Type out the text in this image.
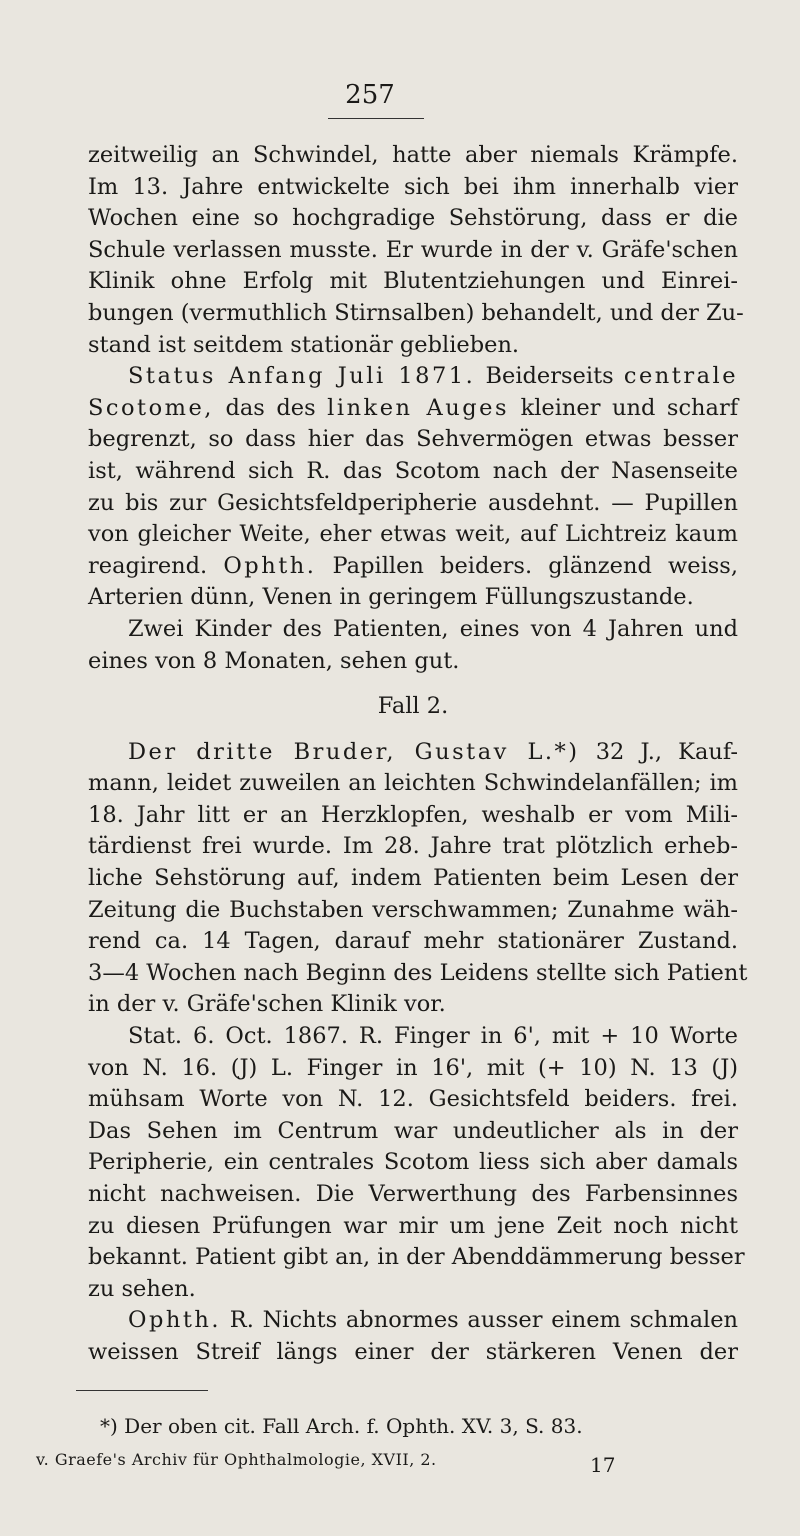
257
zeitweilig an Schwindel, hatte aber niemals Krämpfe.
Im 13. Jahre entwickelte sich bei ihm innerhalb vier
Wochen eine so hochgradige Sehstörung, dass er die
Schule verlassen musste. Er wurde in der v. Gräfe'schen
Klinik ohne Erfolg mit Blutentziehungen und Einrei-
bungen (vermuthlich Stirnsalben) behandelt, und der Zu-
stand ist seitdem stationär geblieben.
Status Anfang Juli 1871. Beiderseits centrale
Scotome, das des linken Auges kleiner und scharf
begrenzt, so dass hier das Sehvermögen etwas besser
ist, während sich R. das Scotom nach der Nasenseite
zu bis zur Gesichtsfeldperipherie ausdehnt. — Pupillen
von gleicher Weite, eher etwas weit, auf Lichtreiz kaum
reagirend. Ophth. Papillen beiders. glänzend weiss,
Arterien dünn, Venen in geringem Füllungszustande.
Zwei Kinder des Patienten, eines von 4 Jahren und
eines von 8 Monaten, sehen gut.
Fall 2.
Der dritte Bruder, Gustav L.*) 32 J., Kauf-
mann, leidet zuweilen an leichten Schwindelanfällen; im
18. Jahr litt er an Herzklopfen, weshalb er vom Mili-
tärdienst frei wurde. Im 28. Jahre trat plötzlich erheb-
liche Sehstörung auf, indem Patienten beim Lesen der
Zeitung die Buchstaben verschwammen; Zunahme wäh-
rend ca. 14 Tagen, darauf mehr stationärer Zustand.
3—4 Wochen nach Beginn des Leidens stellte sich Patient
in der v. Gräfe'schen Klinik vor.
Stat. 6. Oct. 1867. R. Finger in 6', mit + 10 Worte
von N. 16. (J) L. Finger in 16', mit (+ 10) N. 13 (J)
mühsam Worte von N. 12. Gesichtsfeld beiders. frei.
Das Sehen im Centrum war undeutlicher als in der
Peripherie, ein centrales Scotom liess sich aber damals
nicht nachweisen. Die Verwerthung des Farbensinnes
zu diesen Prüfungen war mir um jene Zeit noch nicht
bekannt. Patient gibt an, in der Abenddämmerung besser
zu sehen.
Ophth. R. Nichts abnormes ausser einem schmalen
weissen Streif längs einer der stärkeren Venen der
*) Der oben cit. Fall Arch. f. Ophth. XV. 3, S. 83.
v. Graefe's Archiv für Ophthalmologie, XVII, 2.	17
